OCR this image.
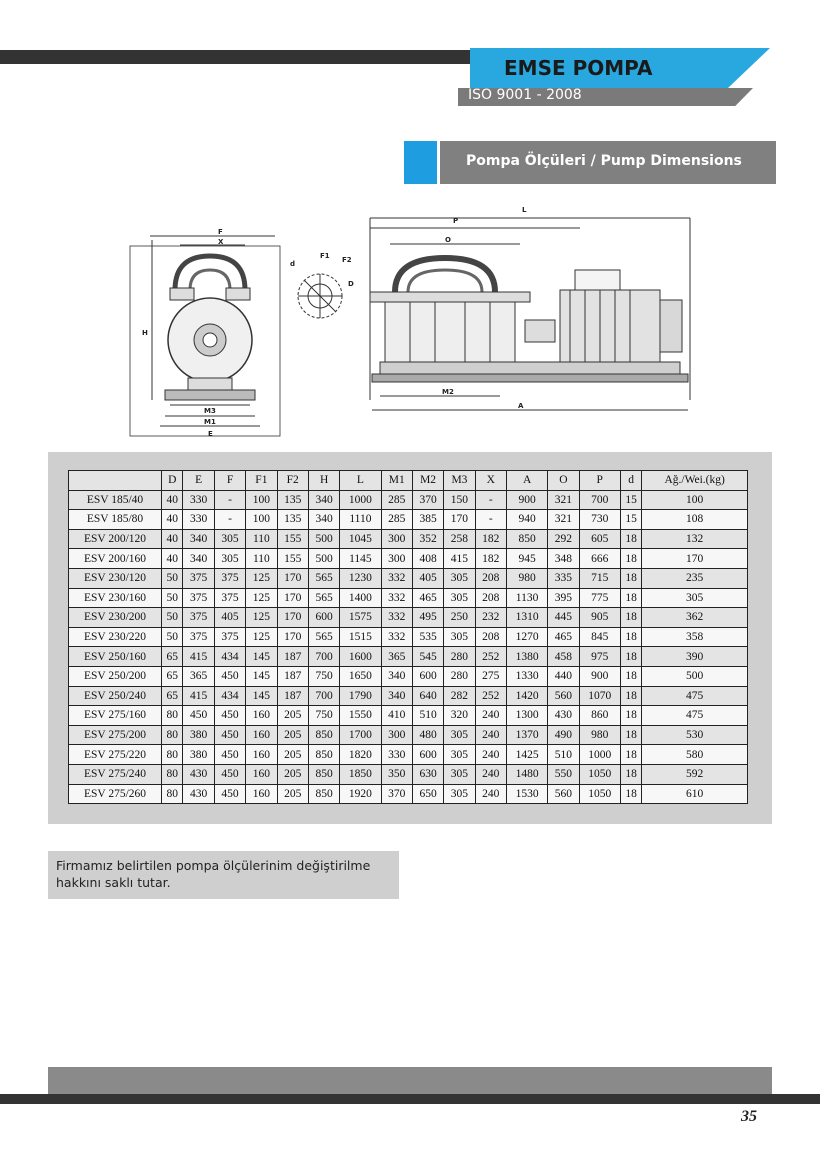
EMSE POMPA
ISO 9001 - 2008
Pompa Ölçüleri / Pump Dimensions
F
X
H
M3
M1
E
d
F1 F2
D
L
P
O
M2
A
	D	E	F	F1	F2	H	L	M1	M2	M3	X	A	O	P	d	Ağ./Wei.(kg)
ESV 185/40	40	330	-	100	135	340	1000	285	370	150	-	900	321	700	15	100
ESV 185/80	40	330	-	100	135	340	1110	285	385	170	-	940	321	730	15	108
ESV 200/120	40	340	305	110	155	500	1045	300	352	258	182	850	292	605	18	132
ESV 200/160	40	340	305	110	155	500	1145	300	408	415	182	945	348	666	18	170
ESV 230/120	50	375	375	125	170	565	1230	332	405	305	208	980	335	715	18	235
ESV 230/160	50	375	375	125	170	565	1400	332	465	305	208	1130	395	775	18	305
ESV 230/200	50	375	405	125	170	600	1575	332	495	250	232	1310	445	905	18	362
ESV 230/220	50	375	375	125	170	565	1515	332	535	305	208	1270	465	845	18	358
ESV 250/160	65	415	434	145	187	700	1600	365	545	280	252	1380	458	975	18	390
ESV 250/200	65	365	450	145	187	750	1650	340	600	280	275	1330	440	900	18	500
ESV 250/240	65	415	434	145	187	700	1790	340	640	282	252	1420	560	1070	18	475
ESV 275/160	80	450	450	160	205	750	1550	410	510	320	240	1300	430	860	18	475
ESV 275/200	80	380	450	160	205	850	1700	300	480	305	240	1370	490	980	18	530
ESV 275/220	80	380	450	160	205	850	1820	330	600	305	240	1425	510	1000	18	580
ESV 275/240	80	430	450	160	205	850	1850	350	630	305	240	1480	550	1050	18	592
ESV 275/260	80	430	450	160	205	850	1920	370	650	305	240	1530	560	1050	18	610
Firmamız belirtilen pompa ölçülerinim değiştirilme hakkını saklı tutar.
35
